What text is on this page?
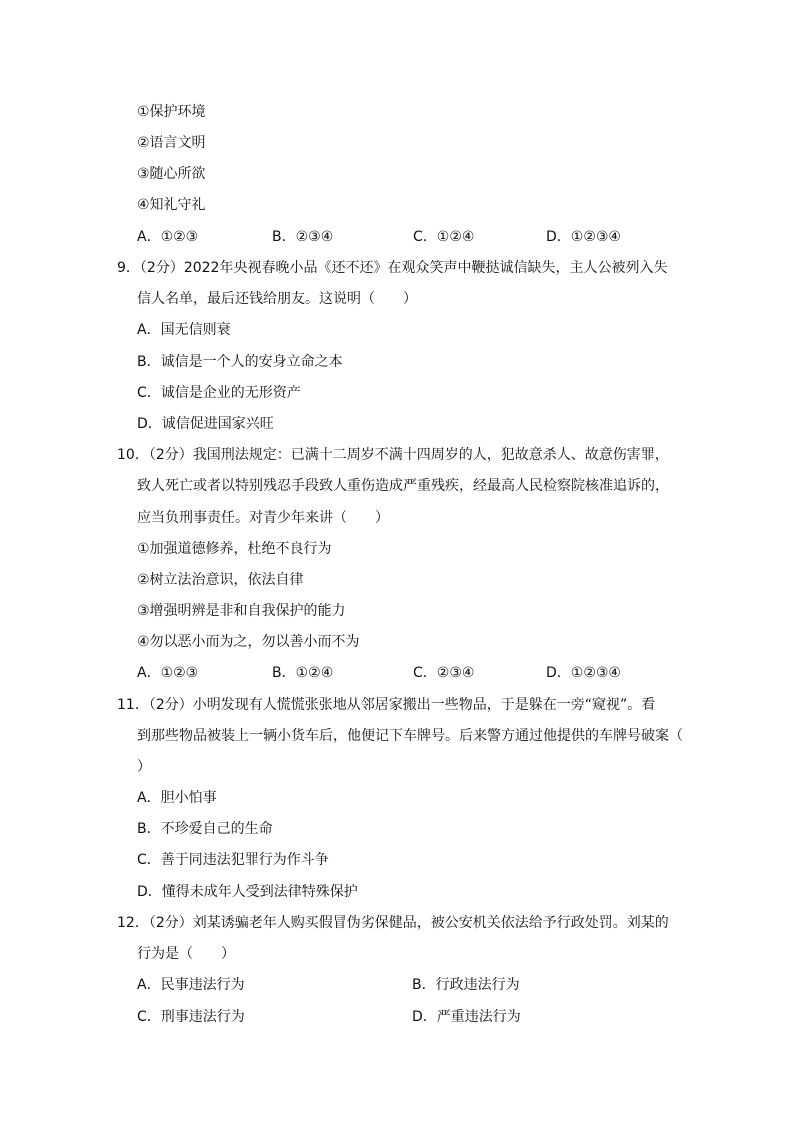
①保护环境
②语言文明
③随心所欲
④知礼守礼
A．①②③	B．②③④	C．①②④	D．①②③④
9．（2分）2022年央视春晚小品《还不还》在观众笑声中鞭挞诚信缺失，主人公被列入失
信人名单，最后还钱给朋友。这说明（　　）
A．国无信则衰
B．诚信是一个人的安身立命之本
C．诚信是企业的无形资产
D．诚信促进国家兴旺
10．（2分）我国刑法规定：已满十二周岁不满十四周岁的人，犯故意杀人、故意伤害罪，
致人死亡或者以特别残忍手段致人重伤造成严重残疾，经最高人民检察院核准追诉的，
应当负刑事责任。对青少年来讲（　　）
①加强道德修养，杜绝不良行为
②树立法治意识，依法自律
③增强明辨是非和自我保护的能力
④勿以恶小而为之，勿以善小而不为
A．①②③	B．①②④	C．②③④	D．①②③④
11．（2分）小明发现有人慌慌张张地从邻居家搬出一些物品，于是躲在一旁“窥视”。看
到那些物品被装上一辆小货车后，他便记下车牌号。后来警方通过他提供的车牌号破案（
）
A．胆小怕事
B．不珍爱自己的生命
C．善于同违法犯罪行为作斗争
D．懂得未成年人受到法律特殊保护
12．（2分）刘某诱骗老年人购买假冒伪劣保健品，被公安机关依法给予行政处罚。刘某的
行为是（　　）
A．民事违法行为	B．行政违法行为
C．刑事违法行为	D．严重违法行为
